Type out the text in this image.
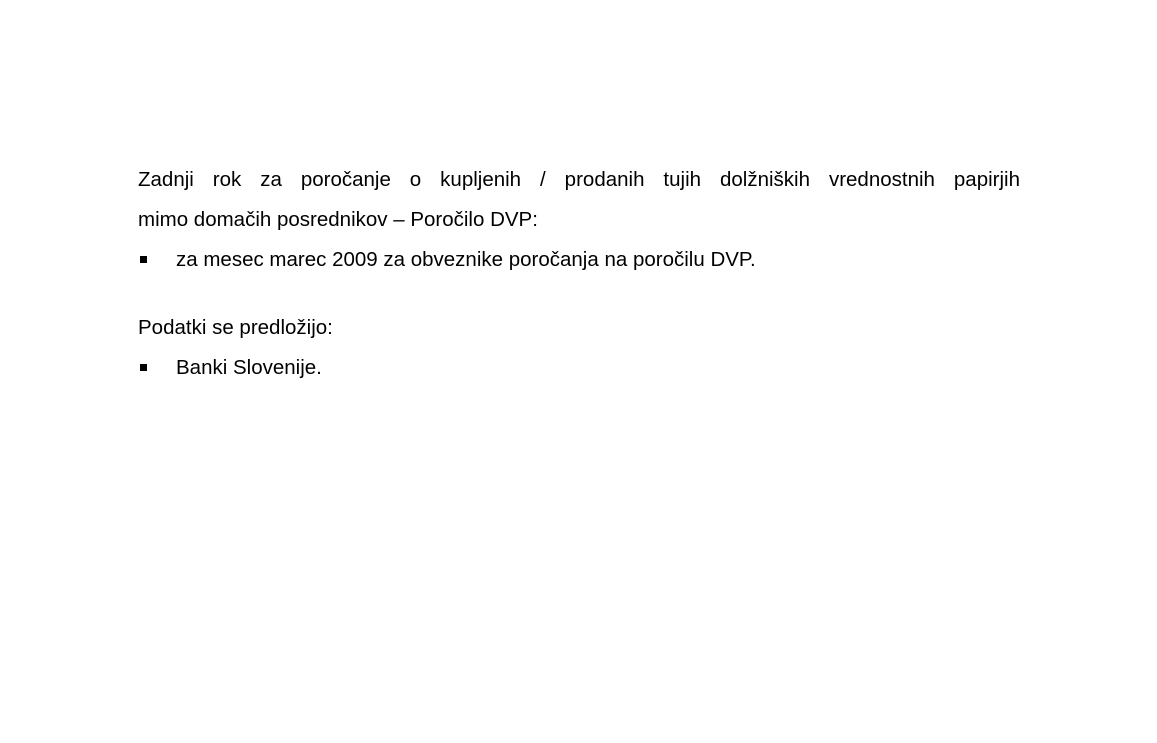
Zadnji rok za poročanje o kupljenih / prodanih tujih dolžniških vrednostnih papirjih
mimo domačih posrednikov – Poročilo DVP:

za mesec marec 2009 za obveznike poročanja na poročilu DVP.

Podatki se predložijo:

Banki Slovenije.
